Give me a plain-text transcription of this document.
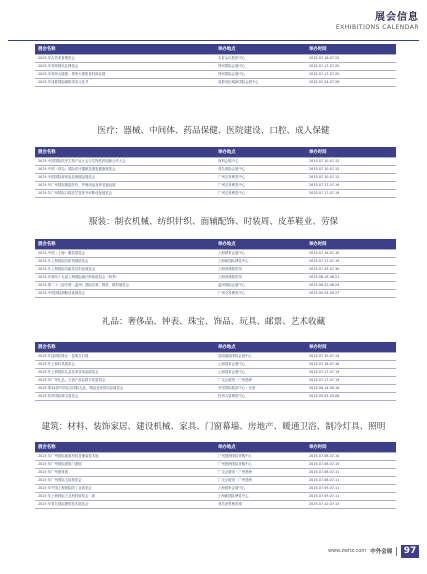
展会信息
EXHIBITIONS CALENDAR
展会名称	举办地点	举办时间
2025 年吉首美食博览会	吉首会议展览中心	2025.07.16-07.22
2025 年郑州餐饮业博览会	郑州国际会展中心	2025.07.17-07.20
2025 年郑州大健康・郑州大预防食材商品展	郑州国际会展中心	2025.07.17-07.20
2025 年成都国际咖啡美食文化节	成都世纪城新国际会展中心	2025.07.24-07.26
医疗：器械、中间体、药品保健、医院建设、口腔、成人保健
展会名称	举办地点	举办时间
2025 中国国际医疗生物产业大会与生物医药创新合作大会	深圳会展中心	2025.07.10-07.12
2025 中国（青岛）国际医疗器械及康复健康展览会	青岛国际会展中心	2025.07.10-07.12
2025 中国国际营养品及保健品展览会	广州交易博览中心	2025.07.10-07.12
2025 年广州国际康复医疗、护理用品及养老福祉展	广州交易博览中心	2025.07.17-07.19
2025 年广州国际口腔医学及体外诊断设备展览会	广州交易博览中心	2025.07.17-07.19
服装：制衣机械、纺织针织、面辅配饰、时装周、皮革鞋业、劳保
展会名称	举办地点	举办时间
2025 中国（上海）服装展览会	上海国家会展中心	2025.07.16-07.18
2025 年上海国际纺织机械展览会	上海新国际博览中心	2025.07.17-07.19
2025 年上海国际功能性纺织品展览会	上海世博展览馆	2025.07.29-07.30
2025 年第四十五届上海国际流行纱线展览会（秋季）	上海世博展览馆	2025.08.19-08.21
2025 第二十八届中国（温州）国际皮革、鞋材、鞋机展览会	温州国际会展中心	2025.08.22-08.24
2025 中国国际制鞋设备展览会	广州交易博览中心	2025.09.24-09.27
礼品：奢侈品、钟表、珠宝、饰品、玩具、邮票、艺术收藏
展会名称	举办地点	举办时间
2025 年昆明杞博会・昆明玉石展	昆明滇池国际会展中心	2025.07.10-07.14
2025 年上海玩具展览会	上海国家会展中心	2025.07.16-07.18
2025 年上海国际礼品及家居用品展览会	上海国家会展中心	2025.07.17-07.19
2025 年广州礼品、文创产品及数字化展览会	广交会展馆・广州琶洲	2025.07.17-07.19
2025 第32届中国北京国际礼品、赠品及家居用品展览会	中国国际展览中心・北馆	2025.08.14-08.16
2025 杭州国际珠宝展览会	杭州大屋博览中心	2025.09.05-09.08
建筑：材料、装饰家居、建设机械、家具、门窗幕墙、房地产、暖通卫浴、制冷灯具、照明
展会名称	举办地点	举办时间
2025 年广州国际地面材料及铺装技术展	广州琶洲国际采购中心	2025.07.08-07.10
2025 年广州国际建筑门窗展	广州琶洲国际采购中心	2025.07.08-07.10
2025 年广州建材展	广交会展馆・广州琶洲	2025.07.08-07.11
2025 年广州国际卫浴展览会	广交会展馆・广州琶洲	2025.07.08-07.11
2025 年中国上海国际防工业展览会	上海国家会展中心	2025.07.09-07.11
2025 年上海国际工业材料展览会・新	上海新国际博览中心	2025.07.09-07.11
2025 年青岛国际模型技术展览会	青岛世界博览城	2025.07.10-07.13
www.zwhz.com 中外会展	97
